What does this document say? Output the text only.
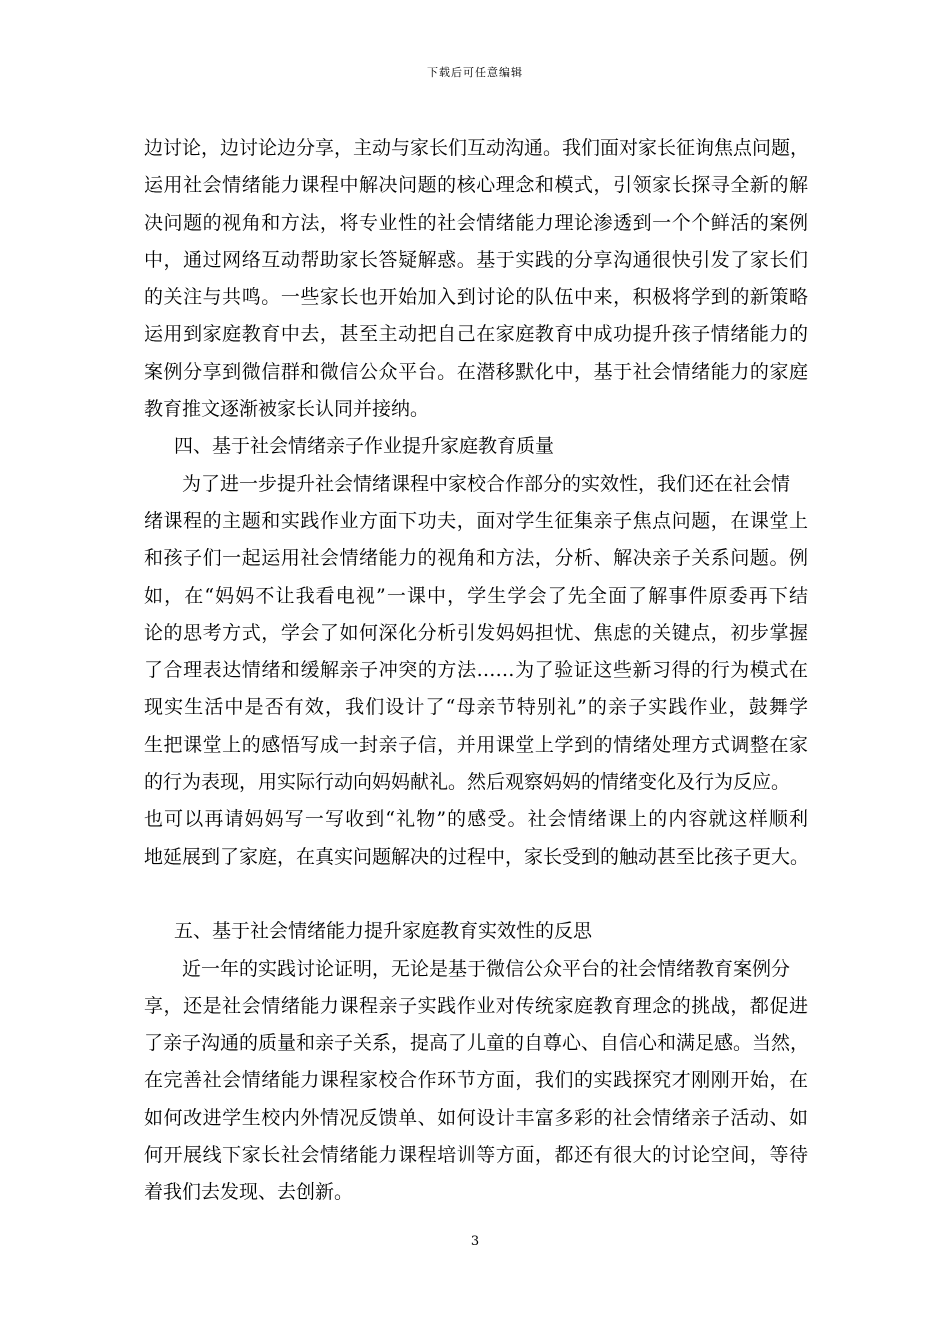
下载后可任意编辑
边讨论，边讨论边分享，主动与家长们互动沟通。我们面对家长征询焦点问题，
运用社会情绪能力课程中解决问题的核心理念和模式，引领家长探寻全新的解
决问题的视角和方法，将专业性的社会情绪能力理论渗透到一个个鲜活的案例
中，通过网络互动帮助家长答疑解惑。基于实践的分享沟通很快引发了家长们
的关注与共鸣。一些家长也开始加入到讨论的队伍中来，积极将学到的新策略
运用到家庭教育中去，甚至主动把自己在家庭教育中成功提升孩子情绪能力的
案例分享到微信群和微信公众平台。在潜移默化中，基于社会情绪能力的家庭
教育推文逐渐被家长认同并接纳。
四、基于社会情绪亲子作业提升家庭教育质量
为了进一步提升社会情绪课程中家校合作部分的实效性，我们还在社会情
绪课程的主题和实践作业方面下功夫，面对学生征集亲子焦点问题，在课堂上
和孩子们一起运用社会情绪能力的视角和方法，分析、解决亲子关系问题。例
如，在“妈妈不让我看电视”一课中，学生学会了先全面了解事件原委再下结
论的思考方式，学会了如何深化分析引发妈妈担忧、焦虑的关键点，初步掌握
了合理表达情绪和缓解亲子冲突的方法……为了验证这些新习得的行为模式在
现实生活中是否有效，我们设计了“母亲节特别礼”的亲子实践作业，鼓舞学
生把课堂上的感悟写成一封亲子信，并用课堂上学到的情绪处理方式调整在家
的行为表现，用实际行动向妈妈献礼。然后观察妈妈的情绪变化及行为反应。
也可以再请妈妈写一写收到“礼物”的感受。社会情绪课上的内容就这样顺利
地延展到了家庭，在真实问题解决的过程中，家长受到的触动甚至比孩子更大。
五、基于社会情绪能力提升家庭教育实效性的反思
近一年的实践讨论证明，无论是基于微信公众平台的社会情绪教育案例分
享，还是社会情绪能力课程亲子实践作业对传统家庭教育理念的挑战，都促进
了亲子沟通的质量和亲子关系，提高了儿童的自尊心、自信心和满足感。当然，
在完善社会情绪能力课程家校合作环节方面，我们的实践探究才刚刚开始，在
如何改进学生校内外情况反馈单、如何设计丰富多彩的社会情绪亲子活动、如
何开展线下家长社会情绪能力课程培训等方面，都还有很大的讨论空间，等待
着我们去发现、去创新。
3
